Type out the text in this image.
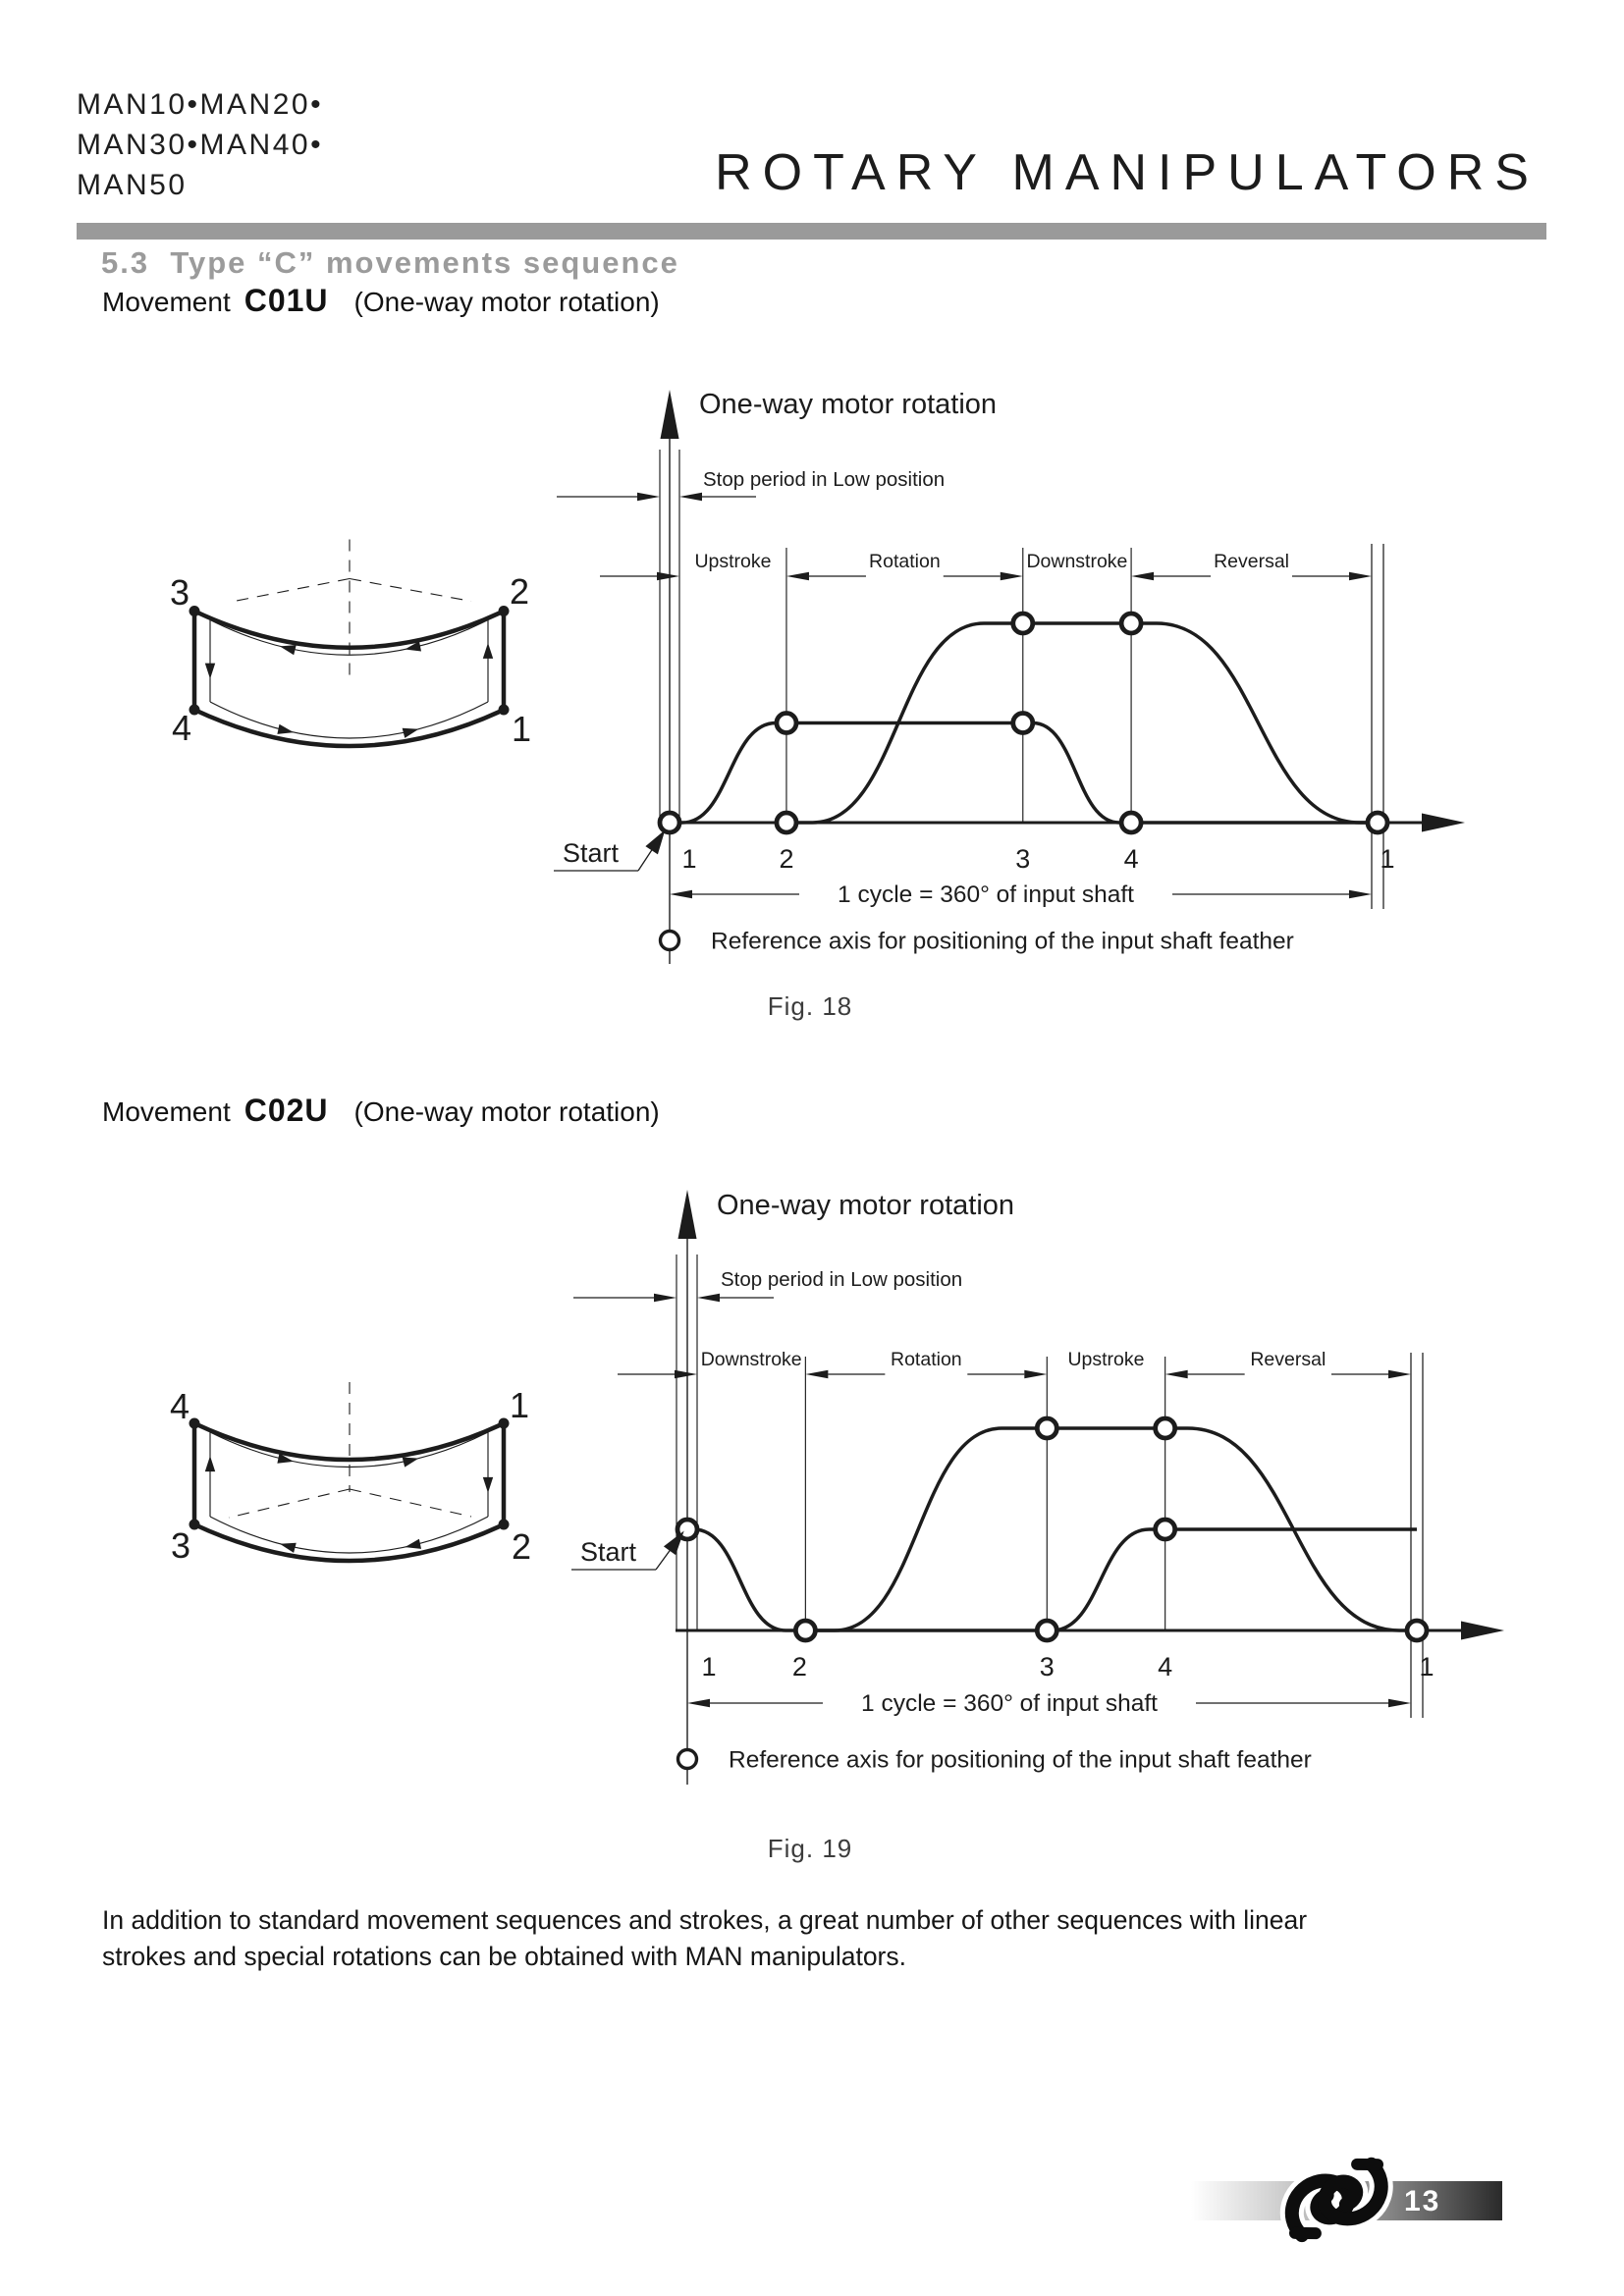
MAN10•MAN20•
MAN30•MAN40•
MAN50	ROTARY MANIPULATORS
5.3  Type “C” movements sequence
Movement C01U (One-way motor rotation)
Movement C02U (One-way motor rotation)
One-way motor rotation
Stop period in Low position
Upstroke	Rotation	Downstroke	Reversal
1	2	3	4	1
1 cycle = 360° of input shaft
Reference axis for positioning of the input shaft feather
Start
3	2
4	1
One-way motor rotation
Stop period in Low position
Downstroke	Rotation	Upstroke	Reversal
1	2	3	4	1
1 cycle = 360° of input shaft
Reference axis for positioning of the input shaft feather
Start
4	1
3	2
Fig. 18
Fig. 19
In addition to standard movement sequences and strokes, a great number of other sequences with linear strokes and special rotations can be obtained with MAN manipulators.
13
